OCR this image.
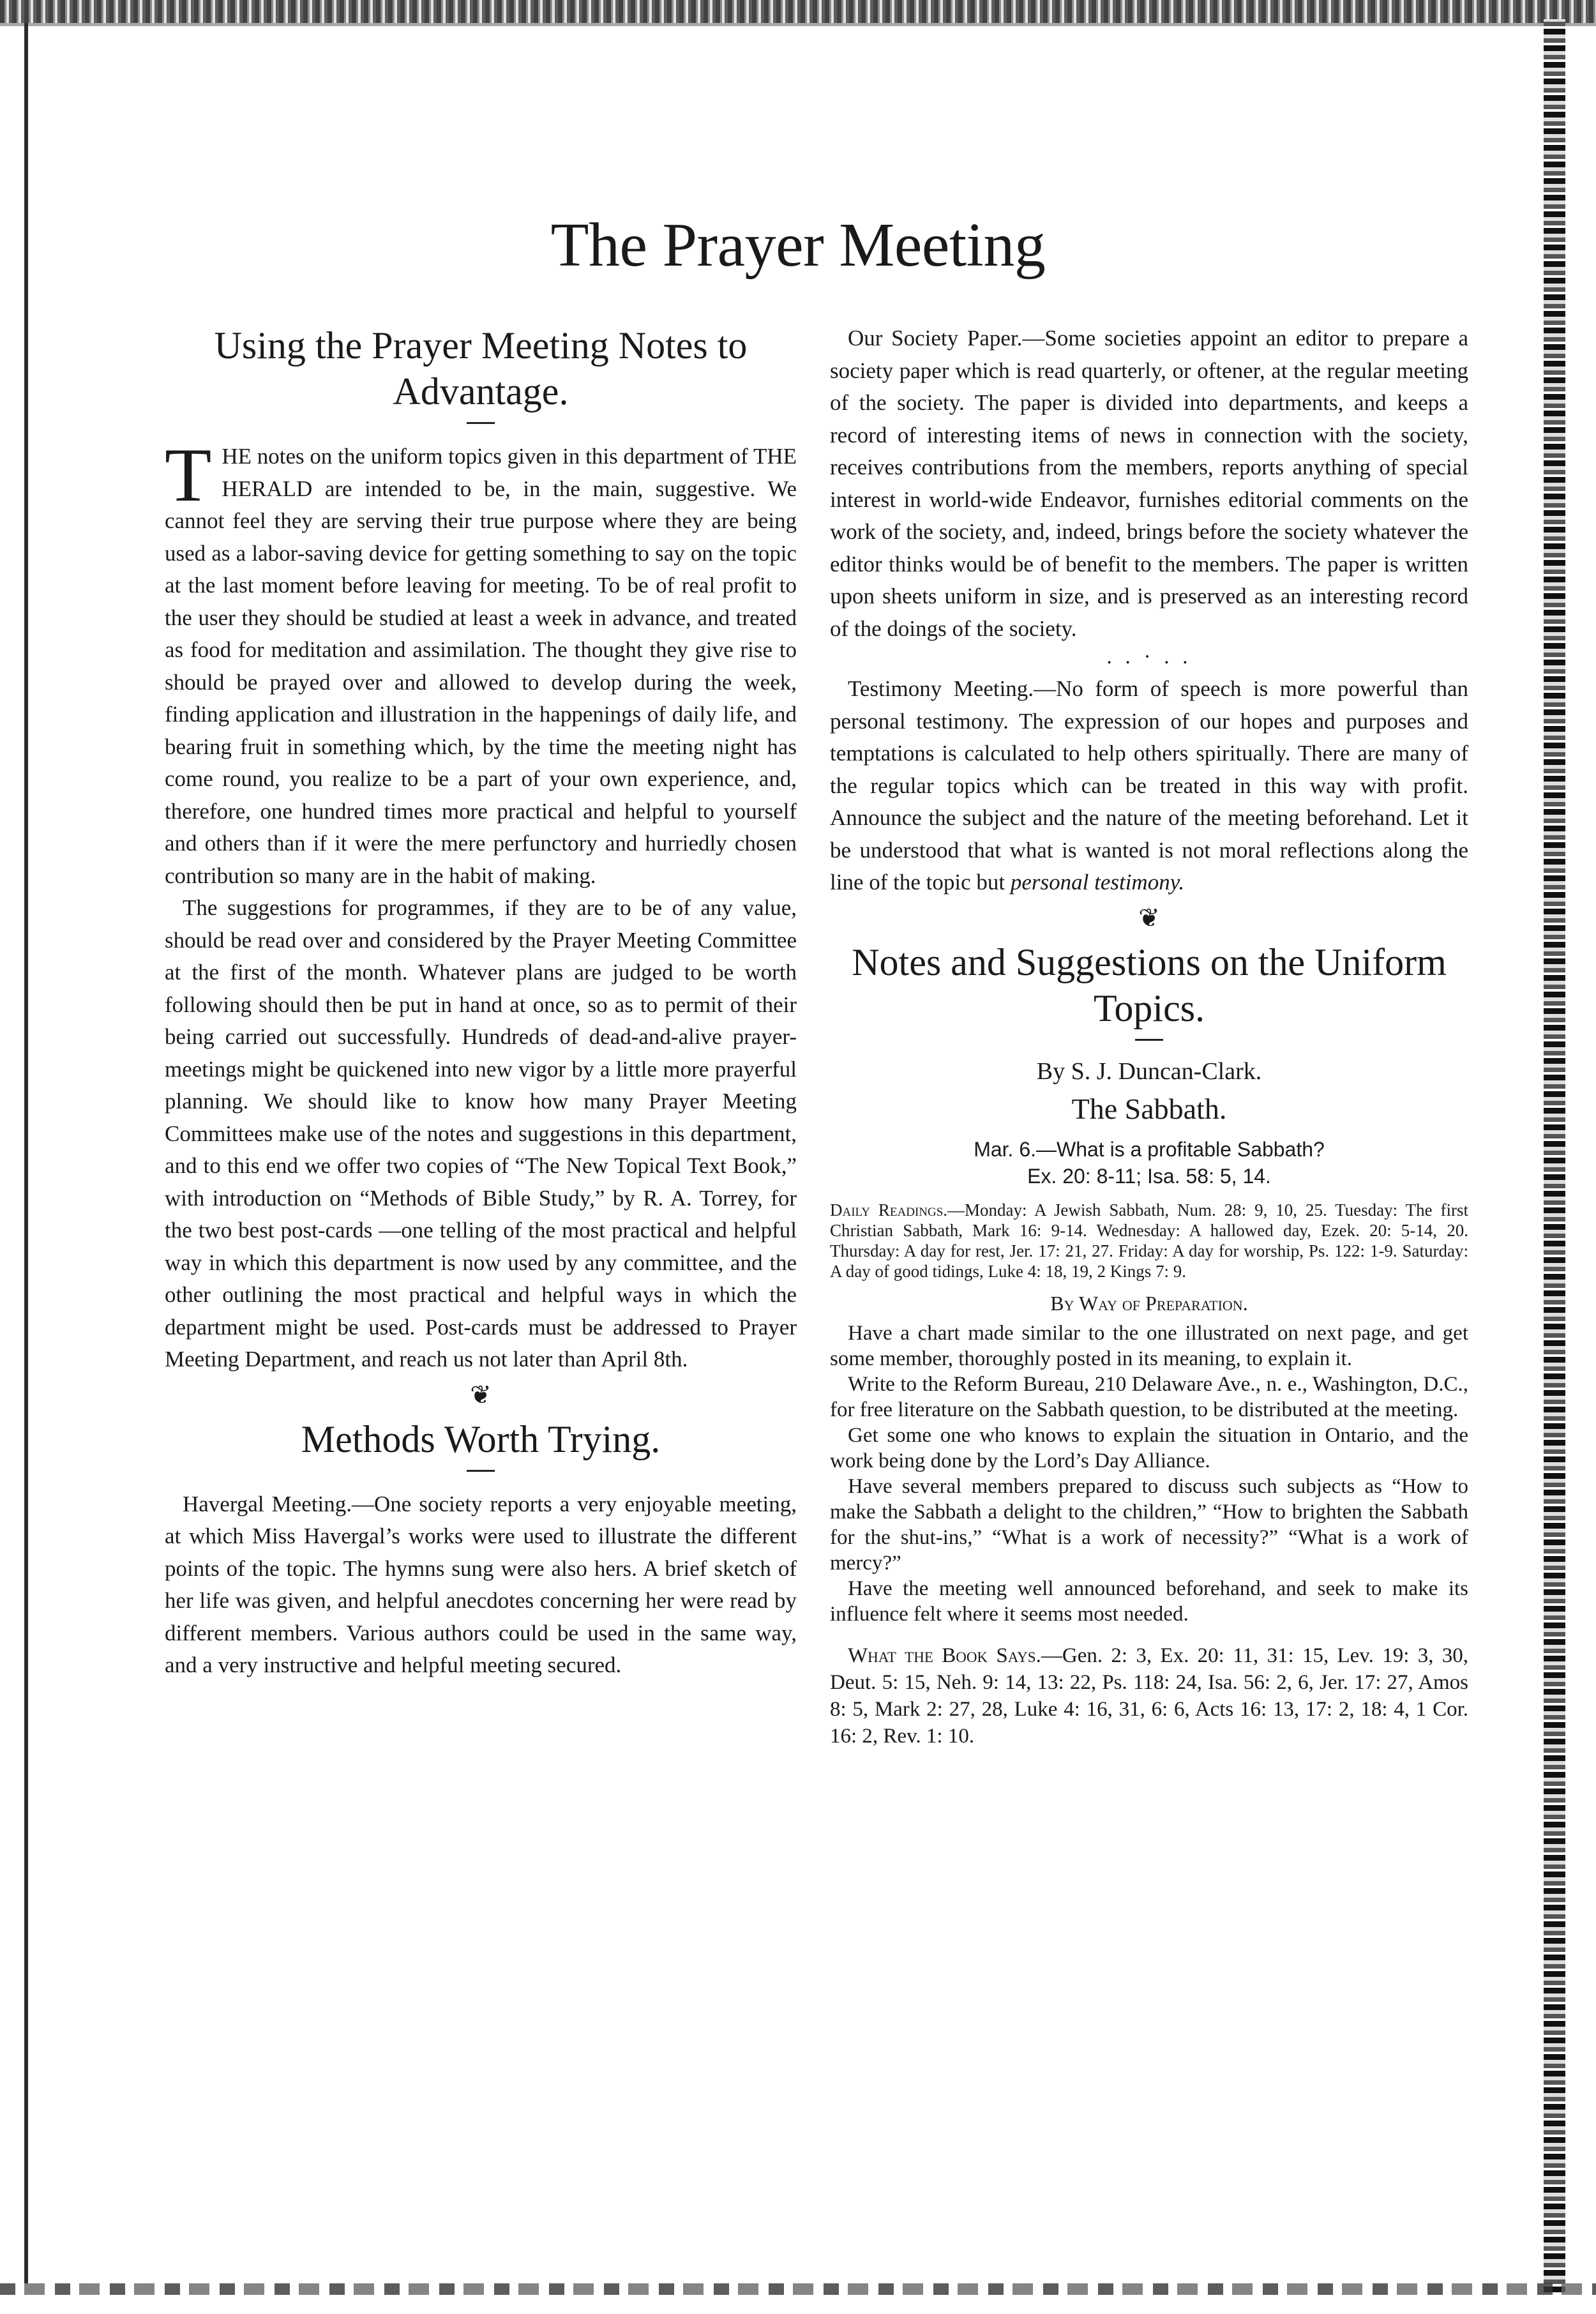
The Prayer Meeting
Using the Prayer Meeting Notes to Advantage.

THE notes on the uniform topics given in this department of THE HERALD are intended to be, in the main, suggestive. We cannot feel they are serving their true purpose where they are being used as a labor-saving device for getting something to say on the topic at the last moment before leaving for meeting. To be of real profit to the user they should be studied at least a week in advance, and treated as food for meditation and assimilation. The thought they give rise to should be prayed over and allowed to develop during the week, finding application and illustration in the happenings of daily life, and bearing fruit in something which, by the time the meeting night has come round, you realize to be a part of your own experience, and, therefore, one hundred times more practical and helpful to yourself and others than if it were the mere perfunctory and hurriedly chosen contribution so many are in the habit of making.

The suggestions for programmes, if they are to be of any value, should be read over and considered by the Prayer Meeting Committee at the first of the month. Whatever plans are judged to be worth following should then be put in hand at once, so as to permit of their being carried out successfully. Hundreds of dead-and-alive prayer-meetings might be quickened into new vigor by a little more prayerful planning. We should like to know how many Prayer Meeting Committees make use of the notes and suggestions in this department, and to this end we offer two copies of “The New Topical Text Book,” with introduction on “Methods of Bible Study,” by R. A. Torrey, for the two best post-cards —one telling of the most practical and helpful way in which this department is now used by any committee, and the other outlining the most practical and helpful ways in which the department might be used. Post-cards must be addressed to Prayer Meeting Department, and reach us not later than April 8th.

❦
Methods Worth Trying.

Havergal Meeting.—One society reports a very enjoyable meeting, at which Miss Havergal’s works were used to illustrate the different points of the topic. The hymns sung were also hers. A brief sketch of her life was given, and helpful anecdotes concerning her were read by different members. Various authors could be used in the same way, and a very instructive and helpful meeting secured.

Our Society Paper.—Some societies appoint an editor to prepare a society paper which is read quarterly, or oftener, at the regular meeting of the society. The paper is divided into departments, and keeps a record of interesting items of news in connection with the society, receives contributions from the members, reports anything of special interest in world-wide Endeavor, furnishes editorial comments on the work of the society, and, indeed, brings before the society whatever the editor thinks would be of benefit to the members. The paper is written upon sheets uniform in size, and is preserved as an interesting record of the doings of the society.

. . · . .

Testimony Meeting.—No form of speech is more powerful than personal testimony. The expression of our hopes and purposes and temptations is calculated to help others spiritually. There are many of the regular topics which can be treated in this way with profit. Announce the subject and the nature of the meeting beforehand. Let it be understood that what is wanted is not moral reflections along the line of the topic but personal testimony.

❦
Notes and Suggestions on the Uniform Topics.
By S. J. Duncan-Clark.
The Sabbath.
Mar. 6.—What is a profitable Sabbath?
Ex. 20: 8-11; Isa. 58: 5, 14.

Daily Readings.—Monday: A Jewish Sabbath, Num. 28: 9, 10, 25. Tuesday: The first Christian Sabbath, Mark 16: 9-14. Wednesday: A hallowed day, Ezek. 20: 5-14, 20. Thursday: A day for rest, Jer. 17: 21, 27. Friday: A day for worship, Ps. 122: 1-9. Saturday: A day of good tidings, Luke 4: 18, 19, 2 Kings 7: 9.

By Way of Preparation.

Have a chart made similar to the one illustrated on next page, and get some member, thoroughly posted in its meaning, to explain it.

Write to the Reform Bureau, 210 Delaware Ave., n. e., Washington, D.C., for free literature on the Sabbath question, to be distributed at the meeting.

Get some one who knows to explain the situation in Ontario, and the work being done by the Lord’s Day Alliance.

Have several members prepared to discuss such subjects as “How to make the Sabbath a delight to the children,” “How to brighten the Sabbath for the shut-ins,” “What is a work of necessity?” “What is a work of mercy?”

Have the meeting well announced beforehand, and seek to make its influence felt where it seems most needed.

What the Book Says.—Gen. 2: 3, Ex. 20: 11, 31: 15, Lev. 19: 3, 30, Deut. 5: 15, Neh. 9: 14, 13: 22, Ps. 118: 24, Isa. 56: 2, 6, Jer. 17: 27, Amos 8: 5, Mark 2: 27, 28, Luke 4: 16, 31, 6: 6, Acts 16: 13, 17: 2, 18: 4, 1 Cor. 16: 2, Rev. 1: 10.
